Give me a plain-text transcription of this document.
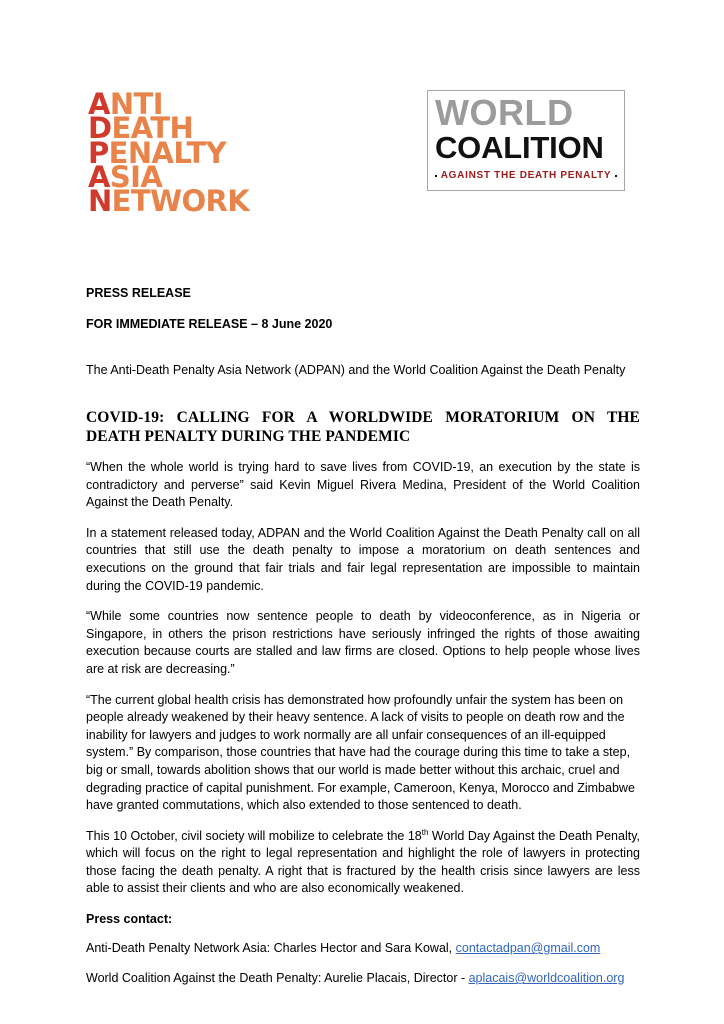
ANTI
DEATH
PENALTY
ASIA
NETWORK
WORLD
COALITION
AGAINST THE DEATH PENALTY

PRESS RELEASE

FOR IMMEDIATE RELEASE – 8 June 2020

The Anti-Death Penalty Asia Network (ADPAN) and the World Coalition Against the Death Penalty

COVID-19: CALLING FOR A WORLDWIDE MORATORIUM ON THE DEATH PENALTY DURING THE PANDEMIC

“When the whole world is trying hard to save lives from COVID-19, an execution by the state is contradictory and perverse” said Kevin Miguel Rivera Medina, President of the World Coalition Against the Death Penalty.

In a statement released today, ADPAN and the World Coalition Against the Death Penalty call on all countries that still use the death penalty to impose a moratorium on death sentences and executions on the ground that fair trials and fair legal representation are impossible to maintain during the COVID-19 pandemic.

“While some countries now sentence people to death by videoconference, as in Nigeria or Singapore, in others the prison restrictions have seriously infringed the rights of those awaiting execution because courts are stalled and law firms are closed. Options to help people whose lives are at risk are decreasing.”

“The current global health crisis has demonstrated how profoundly unfair the system has been on people already weakened by their heavy sentence. A lack of visits to people on death row and the inability for lawyers and judges to work normally are all unfair consequences of an ill-equipped system.” By comparison, those countries that have had the courage during this time to take a step, big or small, towards abolition shows that our world is made better without this archaic, cruel and degrading practice of capital punishment. For example, Cameroon, Kenya, Morocco and Zimbabwe have granted commutations, which also extended to those sentenced to death.

This 10 October, civil society will mobilize to celebrate the 18th World Day Against the Death Penalty, which will focus on the right to legal representation and highlight the role of lawyers in protecting those facing the death penalty. A right that is fractured by the health crisis since lawyers are less able to assist their clients and who are also economically weakened.

Press contact:

Anti-Death Penalty Network Asia: Charles Hector and Sara Kowal, contactadpan@gmail.com

World Coalition Against the Death Penalty: Aurelie Placais, Director - aplacais@worldcoalition.org
